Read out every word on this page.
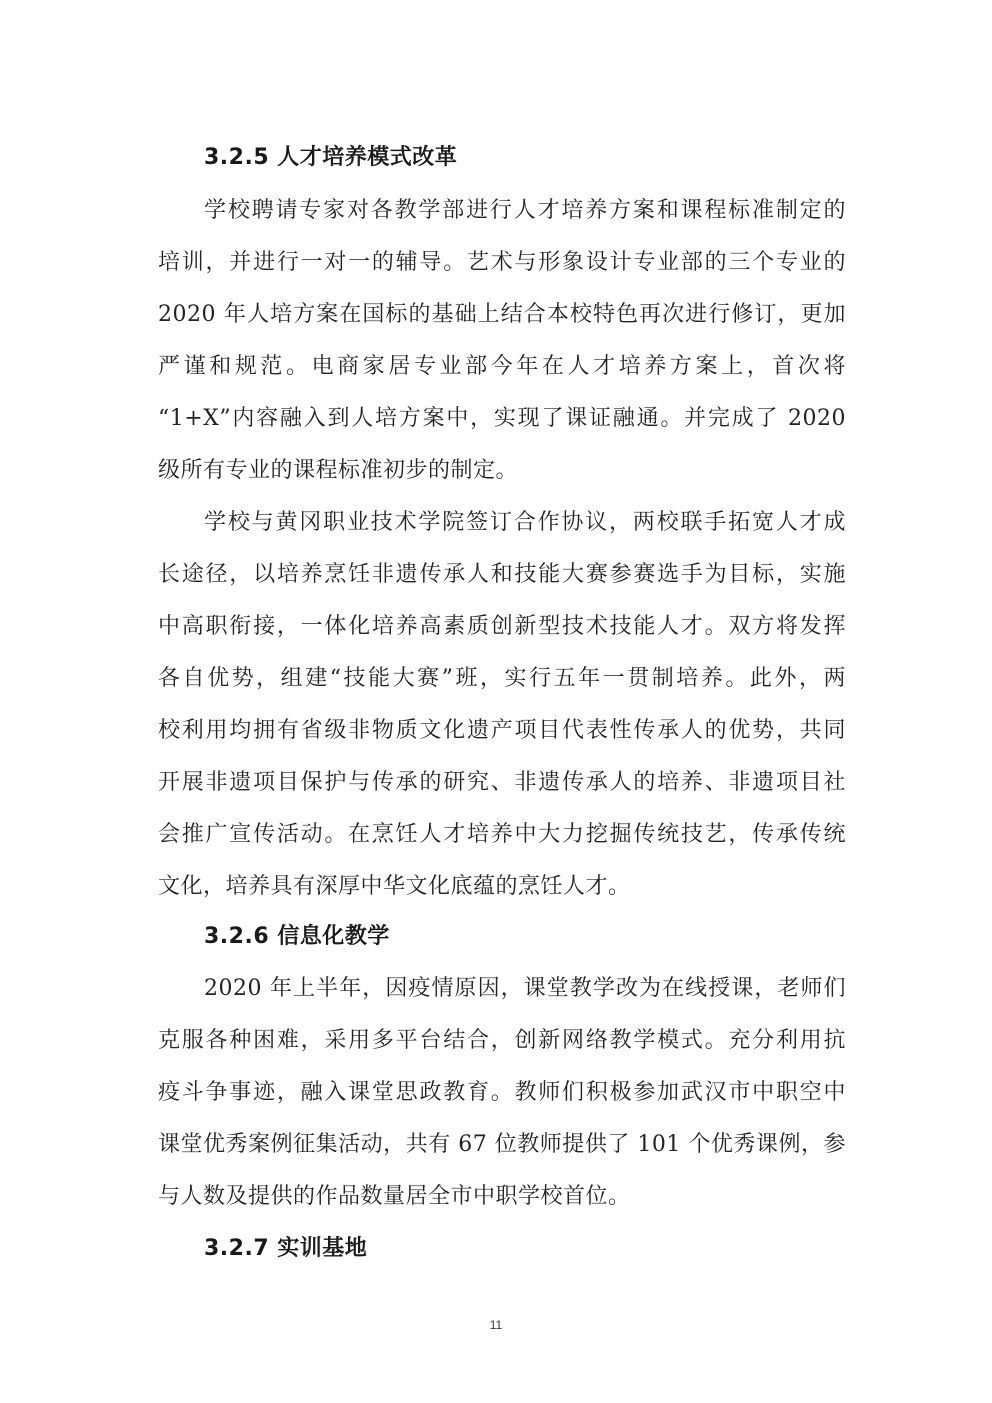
3.2.5 人才培养模式改革
学校聘请专家对各教学部进行人才培养方案和课程标准制定的
培训，并进行一对一的辅导。艺术与形象设计专业部的三个专业的
2020 年人培方案在国标的基础上结合本校特色再次进行修订，更加
严谨和规范。电商家居专业部今年在人才培养方案上，首次将
“1+X”内容融入到人培方案中，实现了课证融通。并完成了 2020
级所有专业的课程标准初步的制定。
学校与黄冈职业技术学院签订合作协议，两校联手拓宽人才成
长途径，以培养烹饪非遗传承人和技能大赛参赛选手为目标，实施
中高职衔接，一体化培养高素质创新型技术技能人才。双方将发挥
各自优势，组建“技能大赛”班，实行五年一贯制培养。此外，两
校利用均拥有省级非物质文化遗产项目代表性传承人的优势，共同
开展非遗项目保护与传承的研究、非遗传承人的培养、非遗项目社
会推广宣传活动。在烹饪人才培养中大力挖掘传统技艺，传承传统
文化，培养具有深厚中华文化底蕴的烹饪人才。
3.2.6 信息化教学
2020 年上半年，因疫情原因，课堂教学改为在线授课，老师们
克服各种困难，采用多平台结合，创新网络教学模式。充分利用抗
疫斗争事迹，融入课堂思政教育。教师们积极参加武汉市中职空中
课堂优秀案例征集活动，共有 67 位教师提供了 101 个优秀课例，参
与人数及提供的作品数量居全市中职学校首位。
3.2.7 实训基地
11
